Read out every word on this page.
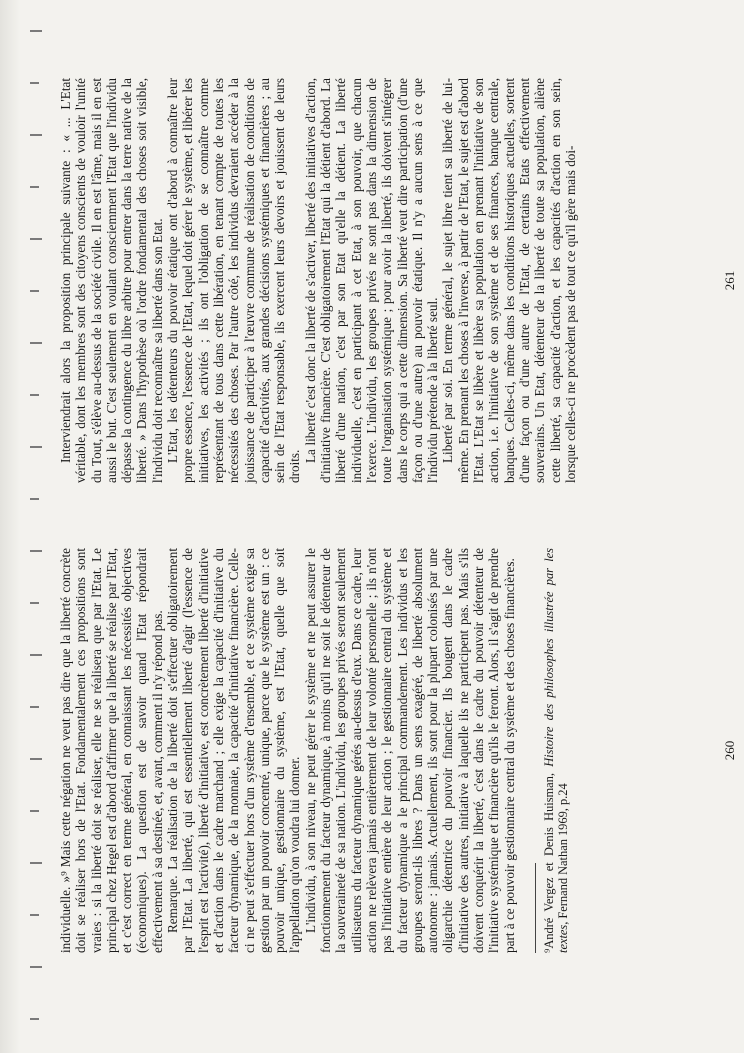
individuelle. »⁹ Mais cette négation ne veut pas dire que la liberté concrète doit se réaliser hors de l'Etat. Fondamentalement ces propositions sont vraies : si la liberté doit se réaliser, elle ne se réalisera que par l'Etat. Le principal chez Hegel est d'abord d'affirmer que la liberté se réalise par l'Etat, et c'est correct en terme général, en connaissant les nécessités objectives (économiques). La question est de savoir quand l'Etat répondrait effectivement à sa destinée, et, avant, comment il n'y répond pas. Remarque. La réalisation de la liberté doit s'effectuer obligatoirement par l'Etat. La liberté, qui est essentiellement liberté d'agir (l'essence de l'esprit est l'activité), liberté d'initiative, est concrètement liberté d'initiative et d'action dans le cadre marchand ; elle exige la capacité d'initiative du facteur dynamique, de la monnaie, la capacité d'initiative financière. Celle-ci ne peut s'effectuer hors d'un système d'ensemble, et ce système exige sa gestion par un pouvoir concentré, unique, parce que le système est un : ce pouvoir unique, gestionnaire du système, est l'Etat, quelle que soit l'appellation qu'on voudra lui donner. L'individu, à son niveau, ne peut gérer le système et ne peut assurer le fonctionnement du facteur dynamique, à moins qu'il ne soit le détenteur de la souveraineté de sa nation. L'individu, les groupes privés seront seulement utilisateurs du facteur dynamique gérés au-dessus d'eux. Dans ce cadre, leur action ne relèvera jamais entièrement de leur volonté personnelle ; ils n'ont pas l'initiative entière de leur action ; le gestionnaire central du système et du facteur dynamique a le principal commandement. Les individus et les groupes seront-ils libres ? Dans un sens exagéré, de liberté absolument autonome : jamais. Actuellement, ils sont pour la plupart colonisés par une oligarchie détentrice du pouvoir financier. Ils bougent dans le cadre d'initiative des autres, initiative à laquelle ils ne participent pas. Mais s'ils doivent conquérir la liberté, c'est dans le cadre du pouvoir détenteur de l'initiative systémique et financière qu'ils le feront. Alors, il s'agit de prendre part à ce pouvoir gestionnaire central du système et des choses financières. ⁹André Vergez et Denis Huisman, Histoire des philosophes illustrée par les textes, Fernand Nathan 1969, p.24

260

Interviendrait alors la proposition principale suivante : « ... L'Etat véritable, dont les membres sont des citoyens conscients de vouloir l'unité du Tout, s'élève au-dessus de la société civile. Il en est l'âme, mais il en est aussi le but. C'est seulement en voulant consciemment l'Etat que l'individu dépasse la contingence du libre arbitre pour entrer dans la terre native de la liberté. » Dans l'hypothèse où l'ordre fondamental des choses soit visible, l'individu doit reconnaître sa liberté dans son Etat. L'Etat, les détenteurs du pouvoir étatique ont d'abord à connaître leur propre essence, l'essence de l'Etat, lequel doit gérer le système, et libérer les initiatives, les activités ; ils ont l'obligation de se connaître comme représentant de tous dans cette libération, en tenant compte de toutes les nécessités des choses. Par l'autre côté, les individus devraient accéder à la jouissance de participer à l'œuvre commune de réalisation de conditions de capacité d'activités, aux grandes décisions systémiques et financières ; au sein de l'Etat responsable, ils exercent leurs devoirs et jouissent de leurs droits.

La liberté c'est donc la liberté de s'activer, liberté des initiatives d'action, d'initiative financière. C'est obligatoirement l'Etat qui la détient d'abord. La liberté d'une nation, c'est par son Etat qu'elle la détient. La liberté individuelle, c'est en participant à cet Etat, à son pouvoir, que chacun l'exerce. L'individu, les groupes privés ne sont pas dans la dimension de toute l'organisation systémique ; pour avoir la liberté, ils doivent s'intégrer dans le corps qui a cette dimension. Sa liberté veut dire participation (d'une façon ou d'une autre) au pouvoir étatique. Il n'y a aucun sens à ce que l'individu prétende à la liberté seul. Liberté par soi. En terme général, le sujet libre tient sa liberté de lui-même. En prenant les choses à l'inverse, à partir de l'Etat, le sujet est d'abord l'Etat. L'Etat se libère et libère sa population en prenant l'initiative de son action, i.e. l'initiative de son système et de ses finances, banque centrale, banques. Celles-ci, même dans les conditions historiques actuelles, sortent d'une façon ou d'une autre de l'Etat, de certains Etats effectivement souverains. Un Etat, détenteur de la liberté de toute sa population, aliène cette liberté, sa capacité d'action, et les capacités d'action en son sein, lorsque celles-ci ne procèdent pas de tout ce qu'il gère mais doi-	261
